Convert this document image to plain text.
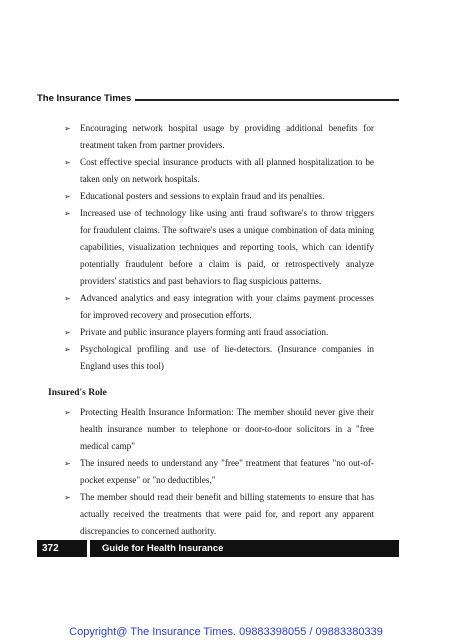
The Insurance Times
➢ Encouraging network hospital usage by providing additional benefits for treatment taken from partner providers.
➢ Cost effective special insurance products with all planned hospitalization to be taken only on network hospitals.
➢ Educational posters and sessions to explain fraud and its penalties.
➢ Increased use of technology like using anti fraud software's to throw triggers for fraudulent claims. The software's uses a unique combination of data mining capabilities, visualization techniques and reporting tools, which can identify potentially fraudulent before a claim is paid, or retrospectively analyze providers' statistics and past behaviors to flag suspicious patterns.
➢ Advanced analytics and easy integration with your claims payment processes for improved recovery and prosecution efforts.
➢ Private and public insurance players forming anti fraud association.
➢ Psychological profiling and use of lie-detectors. (Insurance companies in England uses this tool)
Insured's Role
➢ Protecting Health Insurance Information: The member should never give their health insurance number to telephone or door-to-door solicitors in a "free medical camp"
➢ The insured needs to understand any "free" treatment that features "no out-of-pocket expense" or "no deductibles,"
➢ The member should read their benefit and billing statements to ensure that has actually received the treatments that were paid for, and report any apparent discrepancies to concerned authority.
372	Guide for Health Insurance
Copyright@ The Insurance Times. 09883398055 / 09883380339
